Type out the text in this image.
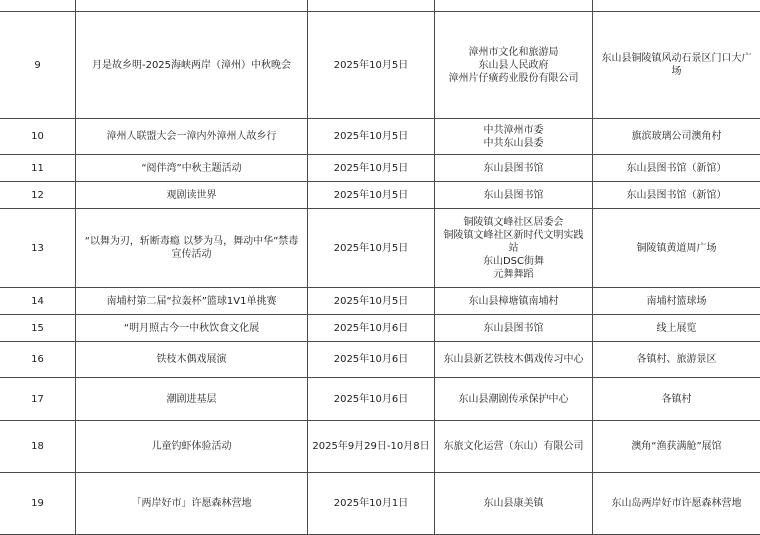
9	月是故乡明-2025海峡两岸（漳州）中秋晚会	2025年10月5日	漳州市文化和旅游局
东山县人民政府
漳州片仔癀药业股份有限公司	东山县铜陵镇风动石景区门口大广场

10	漳州人联盟大会一漳内外漳州人故乡行	2025年10月5日	中共漳州市委
中共东山县委	旗滨玻璃公司澳角村

11	“阅伴湾”中秋主题活动	2025年10月5日	东山县图书馆	东山县图书馆（新馆）

12	观剧读世界	2025年10月5日	东山县图书馆	东山县图书馆（新馆）

13	“以舞为刃，斩断毒瘾 以梦为马，舞动中华”禁毒宣传活动	2025年10月5日	铜陵镇文峰社区居委会
铜陵镇文峰社区新时代文明实践站
东山DSC街舞
元舞舞蹈	铜陵镇黄道周广场

14	南埔村第二届“拉轰杯”篮球1V1单挑赛	2025年10月5日	东山县樟塘镇南埔村	南埔村篮球场

15	“明月照古今一中秋饮食文化展	2025年10月6日	东山县图书馆	线上展览

16	铁枝木偶戏展演	2025年10月6日	东山县新艺铁枝木偶戏传习中心	各镇村、旅游景区

17	潮剧进基层	2025年10月6日	东山县潮剧传承保护中心	各镇村

18	儿童钓虾体验活动	2025年9月29日-10月8日	东旅文化运营（东山）有限公司	澳角“渔获满舱”展馆

19	「两岸好市」许愿森林营地	2025年10月1日	东山县康美镇	东山岛两岸好市许愿森林营地
